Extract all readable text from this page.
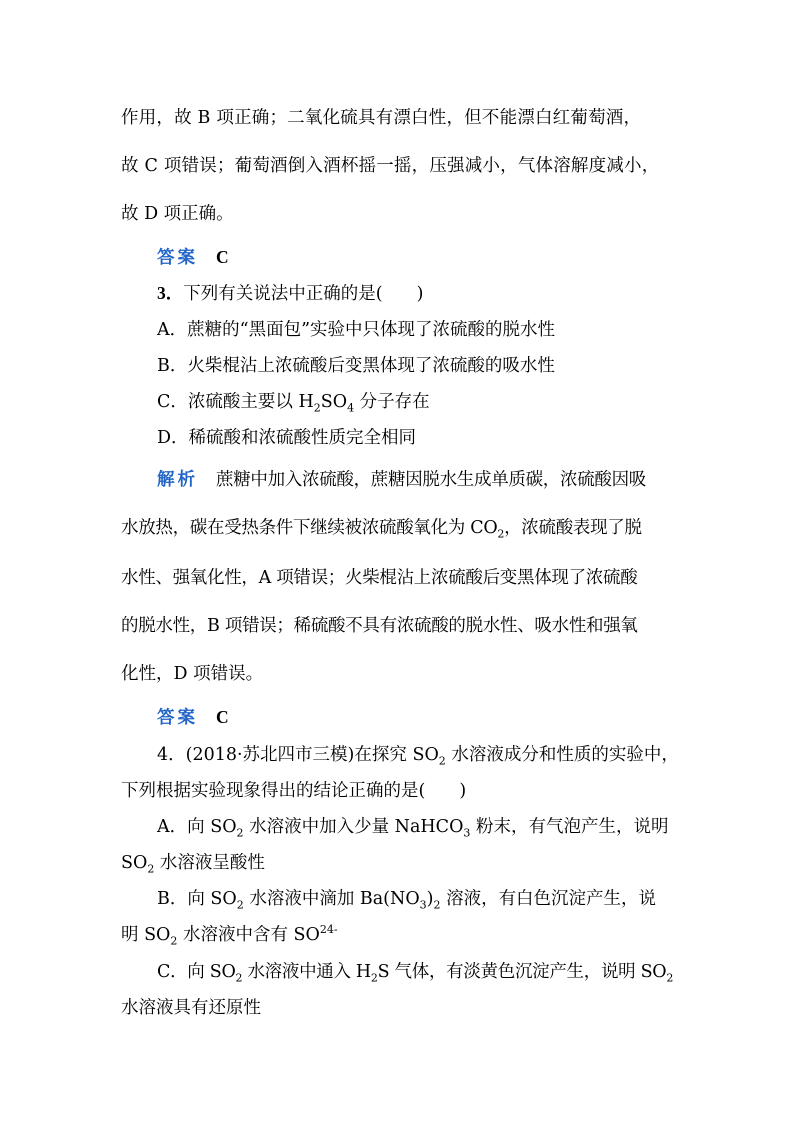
作用，故 B 项正确；二氧化硫具有漂白性，但不能漂白红葡萄酒，
故 C 项错误；葡萄酒倒入酒杯摇一摇，压强减小，气体溶解度减小，
故 D 项正确。
答案 C
3．下列有关说法中正确的是( )
A．蔗糖的“黑面包”实验中只体现了浓硫酸的脱水性
B．火柴棍沾上浓硫酸后变黑体现了浓硫酸的吸水性
C．浓硫酸主要以 $H_2SO_4$ 分子存在
D．稀硫酸和浓硫酸性质完全相同
解析 蔗糖中加入浓硫酸，蔗糖因脱水生成单质碳，浓硫酸因吸
水放热，碳在受热条件下继续被浓硫酸氧化为 $CO_2$，浓硫酸表现了脱
水性、强氧化性，A 项错误；火柴棍沾上浓硫酸后变黑体现了浓硫酸
的脱水性，B 项错误；稀硫酸不具有浓硫酸的脱水性、吸水性和强氧
化性，D 项错误。
答案 C
4．(2018·苏北四市三模)在探究 $SO_2$ 水溶液成分和性质的实验中，
下列根据实验现象得出的结论正确的是( )
A．向 $SO_2$ 水溶液中加入少量 NaHCO$_3$ 粉末，有气泡产生，说明
$SO_2$ 水溶液呈酸性
B．向 $SO_2$ 水溶液中滴加 $Ba(NO_3)_2$ 溶液，有白色沉淀产生，说
明 $SO_2$ 水溶液中含有 $SO^{24-}$
C．向 $SO_2$ 水溶液中通入 $H_2S$ 气体，有淡黄色沉淀产生，说明 $SO_2$
水溶液具有还原性
